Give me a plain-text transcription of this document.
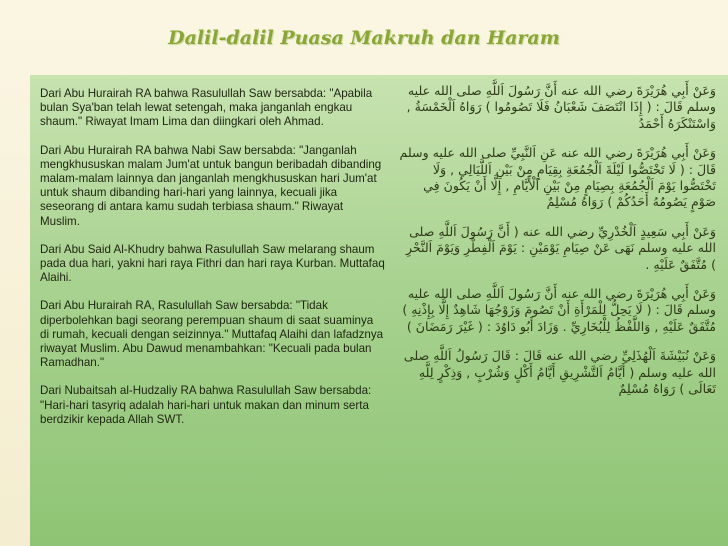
Dalil-dalil Puasa Makruh dan Haram

Dari Abu Hurairah RA bahwa Rasulullah Saw bersabda: "Apabila bulan Sya'ban telah lewat setengah, maka janganlah engkau shaum." Riwayat Imam Lima dan diingkari oleh Ahmad.

Dari Abu Hurairah RA bahwa Nabi Saw bersabda: "Janganlah mengkhususkan malam Jum'at untuk bangun beribadah dibanding malam-malam lainnya dan janganlah mengkhususkan hari Jum'at untuk shaum dibanding hari-hari yang lainnya, kecuali jika seseorang di antara kamu sudah terbiasa shaum." Riwayat Muslim.

Dari Abu Said Al-Khudry bahwa Rasulullah Saw melarang shaum pada dua hari, yakni hari raya Fithri dan hari raya Kurban. Muttafaq Alaihi.

Dari Abu Hurairah RA, Rasulullah Saw bersabda: "Tidak diperbolehkan bagi seorang perempuan shaum di saat suaminya di rumah, kecuali dengan seizinnya." Muttafaq Alaihi dan lafadznya riwayat Muslim. Abu Dawud menambahkan: "Kecuali pada bulan Ramadhan."

Dari Nubaitsah al-Hudzaliy RA bahwa Rasulullah Saw bersabda: "Hari-hari tasyriq adalah hari-hari untuk makan dan minum serta berdzikir kepada Allah SWT.

وَعَنْ أَبِي هُرَيْرَةَ رضي الله عنه أَنَّ رَسُولَ اَللَّهِ صلى الله عليه وسلم قَالَ : ( إِذَا انْتَصَفَ شَعْبَانُ فَلَا تَصُومُوا ) رَوَاهُ اَلْخَمْسَةُ , وَاسْتَنْكَرَهُ أَحْمَدُ

وَعَنْ أَبِي هُرَيْرَةَ رضي الله عنه عَنِ اَلنَّبِيِّ صلى الله عليه وسلم قَالَ : ( لَا تَخْتَصُّوا لَيْلَةَ اَلْجُمُعَةِ بِقِيَامٍ مِنْ بَيْنِ اَللَّيَالِي , وَلَا تَخْتَصُّوا يَوْمَ اَلْجُمُعَةِ بِصِيَامٍ مِنْ بَيْنِ اَلْأَيَّامِ , إِلَّا أَنْ يَكُونَ فِي صَوْمٍ يَصُومُهُ أَحَدُكُمْ ) رَوَاهُ مُسْلِمٌ

وَعَنْ أَبِي سَعِيدٍ اَلْخُدْرِيِّ رضي الله عنه ( أَنَّ رَسُولَ اَللَّهِ صلى الله عليه وسلم نَهَى عَنْ صِيَامِ يَوْمَيْنِ : يَوْمَ اَلْفِطْرِ وَيَوْمَ اَلنَّحْرِ ) مُتَّفَقٌ عَلَيْهِ .

وَعَنْ أَبِي هُرَيْرَةَ رضي الله عنه أَنَّ رَسُولَ اَللَّهِ صلى الله عليه وسلم قَالَ : ( لَا يَحِلُّ لِلْمَرْأَةِ أَنْ تَصُومَ وَزَوْجُهَا شَاهِدٌ إِلَّا بِإِذْنِهِ ) مُتَّفَقٌ عَلَيْهِ , وَاللَّفْظُ لِلْبُخَارِيِّ . وَزَادَ أَبُو دَاوُدَ : ( غَيْرَ رَمَضَانَ )

وَعَنْ نُبَيْشَةَ اَلْهُذَلِيِّ رضي الله عنه قَالَ : قَالَ رَسُولُ اَللَّهِ صلى الله عليه وسلم ( أَيَّامُ اَلتَّشْرِيقِ أَيَّامُ أَكْلٍ وَشُرْبٍ , وَذِكْرٍ لِلَّهِ تَعَالَى ) رَوَاهُ مُسْلِمٌ
